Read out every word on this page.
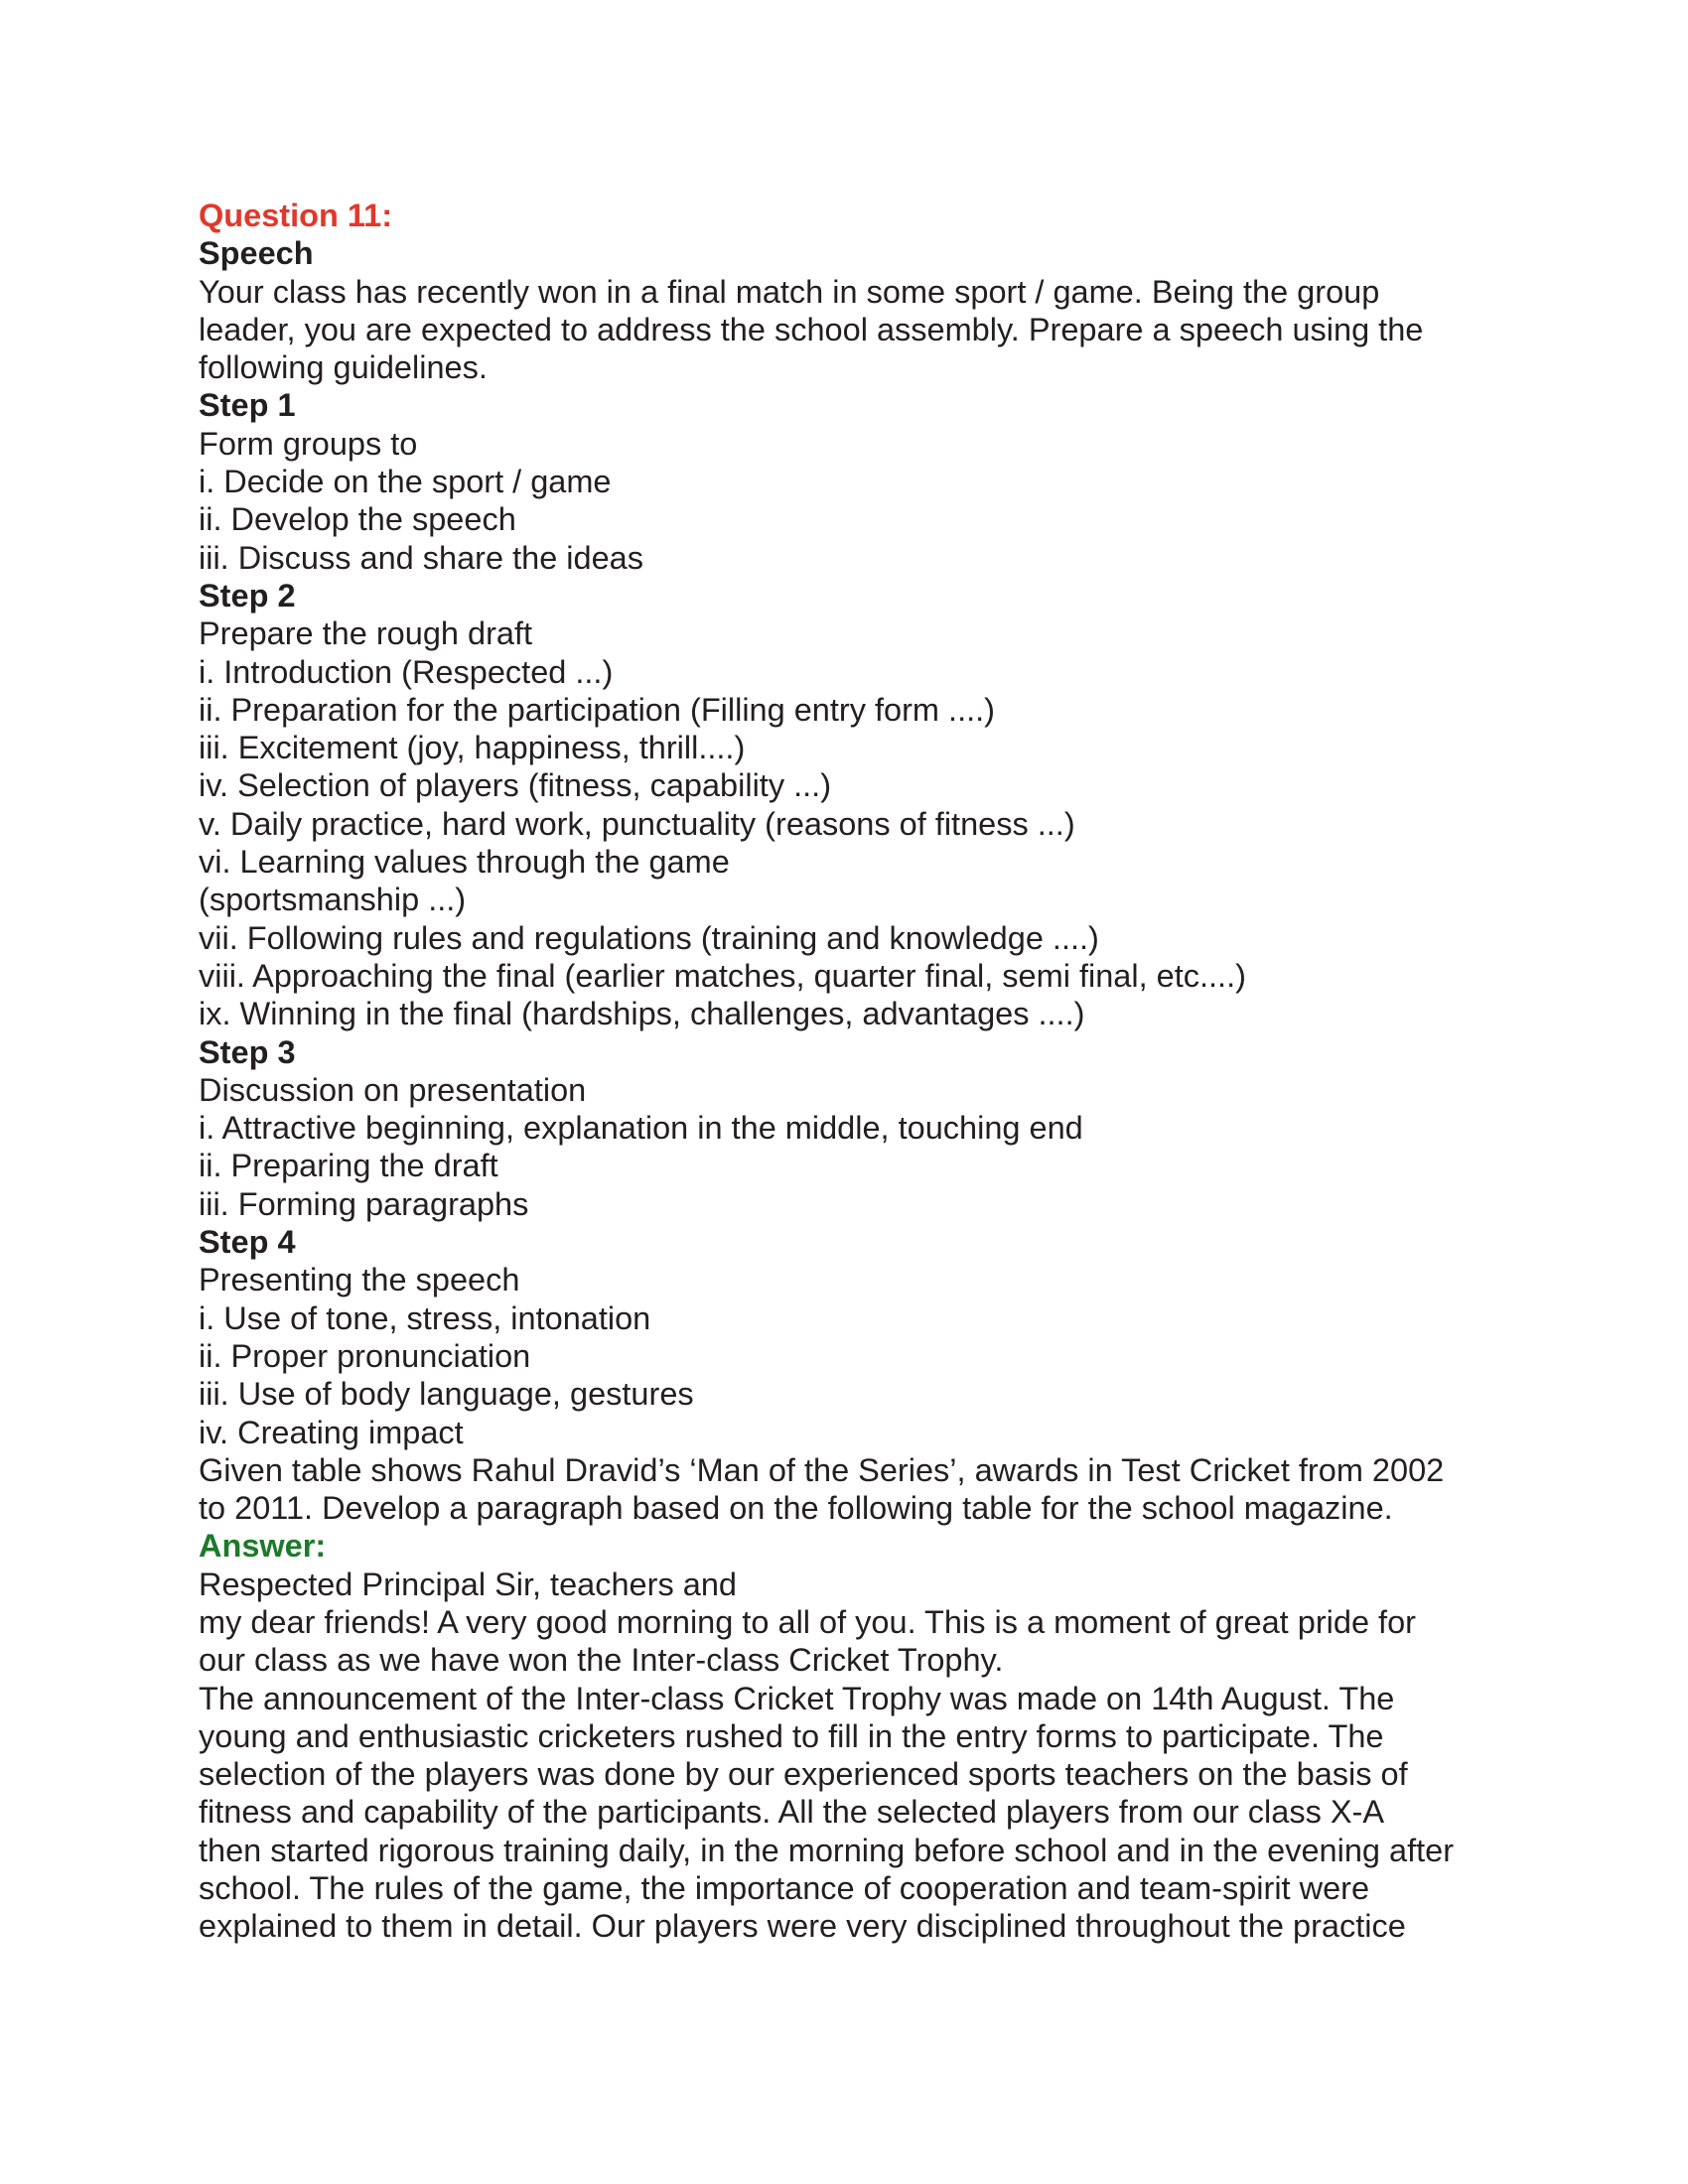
Question 11:
Speech
Your class has recently won in a final match in some sport / game. Being the group
leader, you are expected to address the school assembly. Prepare a speech using the
following guidelines.
Step 1
Form groups to
i. Decide on the sport / game
ii. Develop the speech
iii. Discuss and share the ideas
Step 2
Prepare the rough draft
i. Introduction (Respected ...)
ii. Preparation for the participation (Filling entry form ....)
iii. Excitement (joy, happiness, thrill....)
iv. Selection of players (fitness, capability ...)
v. Daily practice, hard work, punctuality (reasons of fitness ...)
vi. Learning values through the game
(sportsmanship ...)
vii. Following rules and regulations (training and knowledge ....)
viii. Approaching the final (earlier matches, quarter final, semi final, etc....)
ix. Winning in the final (hardships, challenges, advantages ....)
Step 3
Discussion on presentation
i. Attractive beginning, explanation in the middle, touching end
ii. Preparing the draft
iii. Forming paragraphs
Step 4
Presenting the speech
i. Use of tone, stress, intonation
ii. Proper pronunciation
iii. Use of body language, gestures
iv. Creating impact
Given table shows Rahul Dravid’s ‘Man of the Series’, awards in Test Cricket from 2002
to 2011. Develop a paragraph based on the following table for the school magazine.
Answer:
Respected Principal Sir, teachers and
my dear friends! A very good morning to all of you. This is a moment of great pride for
our class as we have won the Inter-class Cricket Trophy.
The announcement of the Inter-class Cricket Trophy was made on 14th August. The
young and enthusiastic cricketers rushed to fill in the entry forms to participate. The
selection of the players was done by our experienced sports teachers on the basis of
fitness and capability of the participants. All the selected players from our class X-A
then started rigorous training daily, in the morning before school and in the evening after
school. The rules of the game, the importance of cooperation and team-spirit were
explained to them in detail. Our players were very disciplined throughout the practice
